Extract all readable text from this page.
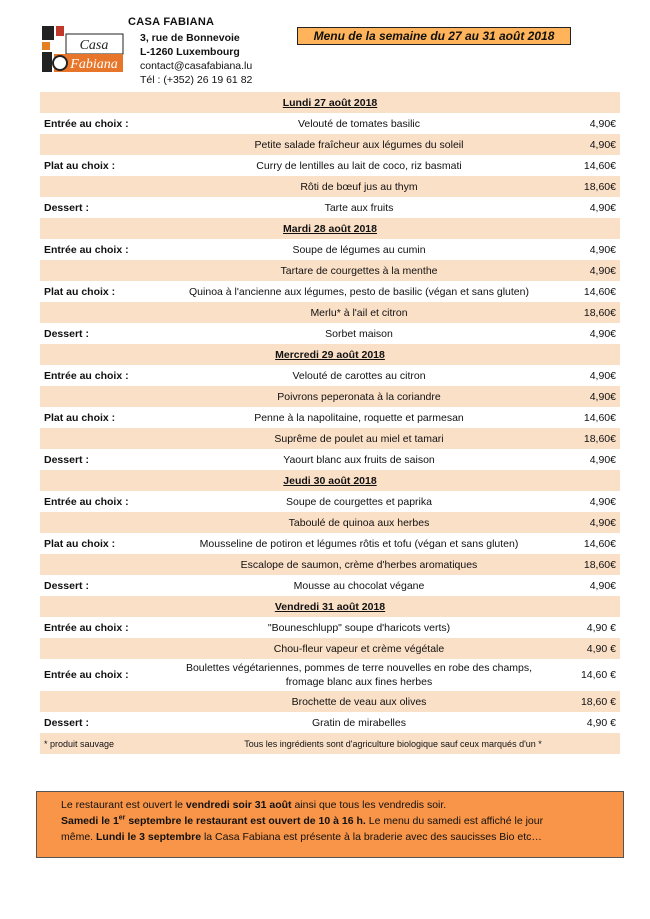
Casa
Fabiana
CASA FABIANA
3, rue de Bonnevoie
L-1260 Luxembourg
contact@casafabiana.lu
Tél : (+352) 26 19 61 82
Menu de la semaine du 27 au 31 août 2018
Lundi 27 août 2018		
Entrée au choix :	Velouté de tomates basilic	4,90€
	Petite salade fraîcheur aux légumes du soleil	4,90€
Plat au choix :	Curry de lentilles au lait de coco, riz basmati	14,60€
	Rôti de bœuf jus au thym	18,60€
Dessert :	Tarte aux fruits	4,90€
Mardi 28 août 2018		
Entrée au choix :	Soupe de légumes au cumin	4,90€
	Tartare de courgettes à la menthe	4,90€
Plat au choix :	Quinoa à l'ancienne aux légumes, pesto de basilic (végan et sans gluten)	14,60€
	Merlu* à l'ail et citron	18,60€
Dessert :	Sorbet maison	4,90€
Mercredi 29 août 2018		
Entrée au choix :	Velouté de carottes au citron	4,90€
	Poivrons peperonata à la coriandre	4,90€
Plat au choix :	Penne à la napolitaine, roquette et parmesan	14,60€
	Suprême de poulet au miel et tamari	18,60€
Dessert :	Yaourt blanc aux fruits de saison	4,90€
Jeudi 30 août 2018		
Entrée au choix :	Soupe de courgettes et paprika	4,90€
	Taboulé de quinoa aux herbes	4,90€
Plat au choix :	Mousseline de potiron et légumes rôtis et tofu (végan et sans gluten)	14,60€
	Escalope de saumon, crème d'herbes aromatiques	18,60€
Dessert :	Mousse au chocolat végane	4,90€
Vendredi 31 août 2018		
Entrée au choix :	"Bouneschlupp" soupe d'haricots verts)	4,90 €
	Chou-fleur vapeur et crème végétale	4,90 €
Entrée au choix :	Boulettes végétariennes, pommes de terre nouvelles en robe des champs, fromage blanc aux fines herbes	14,60 €
	Brochette de veau aux olives	18,60 €
Dessert :	Gratin de mirabelles	4,90 €
* produit sauvage	Tous les ingrédients sont d'agriculture biologique sauf ceux marqués d'un *	
Le restaurant est ouvert le vendredi soir 31 août ainsi que tous les vendredis soir.
Samedi le 1er septembre le restaurant est ouvert de 10 à 16 h. Le menu du samedi est affiché le jour
même. Lundi le 3 septembre la Casa Fabiana est présente à la braderie avec des saucisses Bio etc…
